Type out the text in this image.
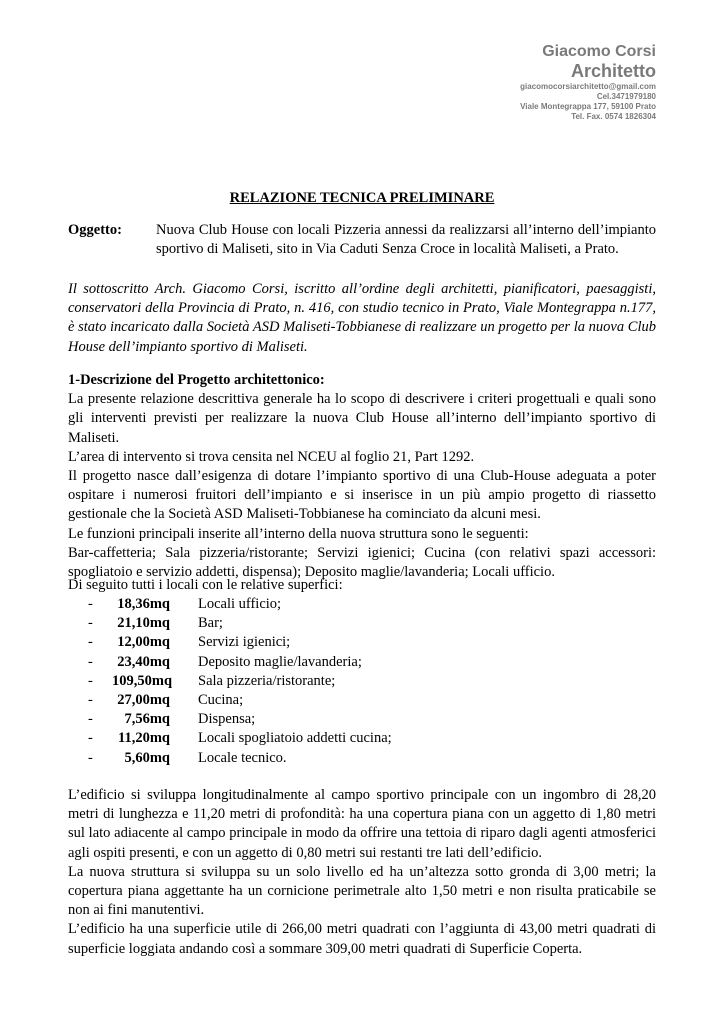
Giacomo Corsi
Architetto
giacomocorsiarchitetto@gmail.com
Cel.3471979180
Viale Montegrappa 177, 59100 Prato
Tel. Fax. 0574 1826304
RELAZIONE TECNICA PRELIMINARE
Oggetto:	Nuova Club House con locali Pizzeria annessi da realizzarsi all’interno dell’impianto sportivo di Maliseti, sito in Via Caduti Senza Croce in località Maliseti, a Prato.
Il sottoscritto Arch. Giacomo Corsi, iscritto all’ordine degli architetti, pianificatori, paesaggisti, conservatori della Provincia di Prato, n. 416, con studio tecnico in Prato, Viale Montegrappa n.177, è stato incaricato dalla Società ASD Maliseti-Tobbianese di realizzare un progetto per la nuova Club House dell’impianto sportivo di Maliseti.
1-Descrizione del Progetto architettonico:
La presente relazione descrittiva generale ha lo scopo di descrivere i criteri progettuali e quali sono gli interventi previsti per realizzare la nuova Club House all’interno dell’impianto sportivo di Maliseti.
L’area di intervento si trova censita nel NCEU al foglio 21, Part 1292.
Il progetto nasce dall’esigenza di dotare l’impianto sportivo di una Club-House adeguata a poter ospitare i numerosi fruitori dell’impianto e si inserisce in un più ampio progetto di riassetto gestionale che la Società ASD Maliseti-Tobbianese ha cominciato da alcuni mesi.
Le funzioni principali inserite all’interno della nuova struttura sono le seguenti:
Bar-caffetteria; Sala pizzeria/ristorante; Servizi igienici; Cucina (con relativi spazi accessori: spogliatoio e servizio addetti, dispensa); Deposito maglie/lavanderia; Locali ufficio.
Di seguito tutti i locali con le relative superfici:
-	18,36mq	Locali ufficio;
-	21,10mq	Bar;
-	12,00mq	Servizi igienici;
-	23,40mq	Deposito maglie/lavanderia;
-	109,50mq	Sala pizzeria/ristorante;
-	27,00mq	Cucina;
-	7,56mq	Dispensa;
-	11,20mq	Locali spogliatoio addetti cucina;
-	5,60mq	Locale tecnico.
L’edificio si sviluppa longitudinalmente al campo sportivo principale con un ingombro di 28,20 metri di lunghezza e 11,20 metri di profondità: ha una copertura piana con un aggetto di 1,80 metri sul lato adiacente al campo principale in modo da offrire una tettoia di riparo dagli agenti atmosferici agli ospiti presenti, e con un aggetto di 0,80 metri sui restanti tre lati dell’edificio.
La nuova struttura si sviluppa su un solo livello ed ha un’altezza sotto gronda di 3,00 metri; la copertura piana aggettante ha un cornicione perimetrale alto 1,50 metri e non risulta praticabile se non ai fini manutentivi.
L’edificio ha una superficie utile di 266,00 metri quadrati con l’aggiunta di 43,00 metri quadrati di superficie loggiata andando così a sommare 309,00 metri quadrati di Superficie Coperta.
